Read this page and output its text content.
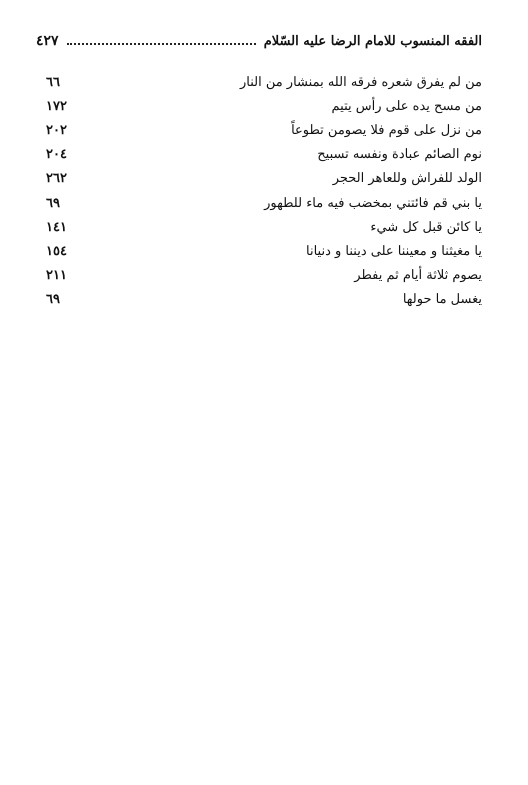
٤٢٧	الفقه المنسوب للامام الرضا عليه السّلام
٦٦	من لم يفرق شعره فرقه الله بمنشار من النار
١٧٢	من مسح يده على رأس يتيم
٢٠٢	من نزل على قوم فلا يصومن تطوعاً
٢٠٤	نوم الصائم عبادة ونفسه تسبيح
٢٦٢	الولد للفراش وللعاهر الحجر
٦٩	يا بني قم فائتني بمخضب فيه ماء للطهور
١٤١	يا كائن قبل كل شيء
١٥٤	يا مغيثنا و معيننا على ديننا و دنيانا
٢١١	يصوم ثلاثة أيام ثم يفطر
٦٩	يغسل ما حولها
